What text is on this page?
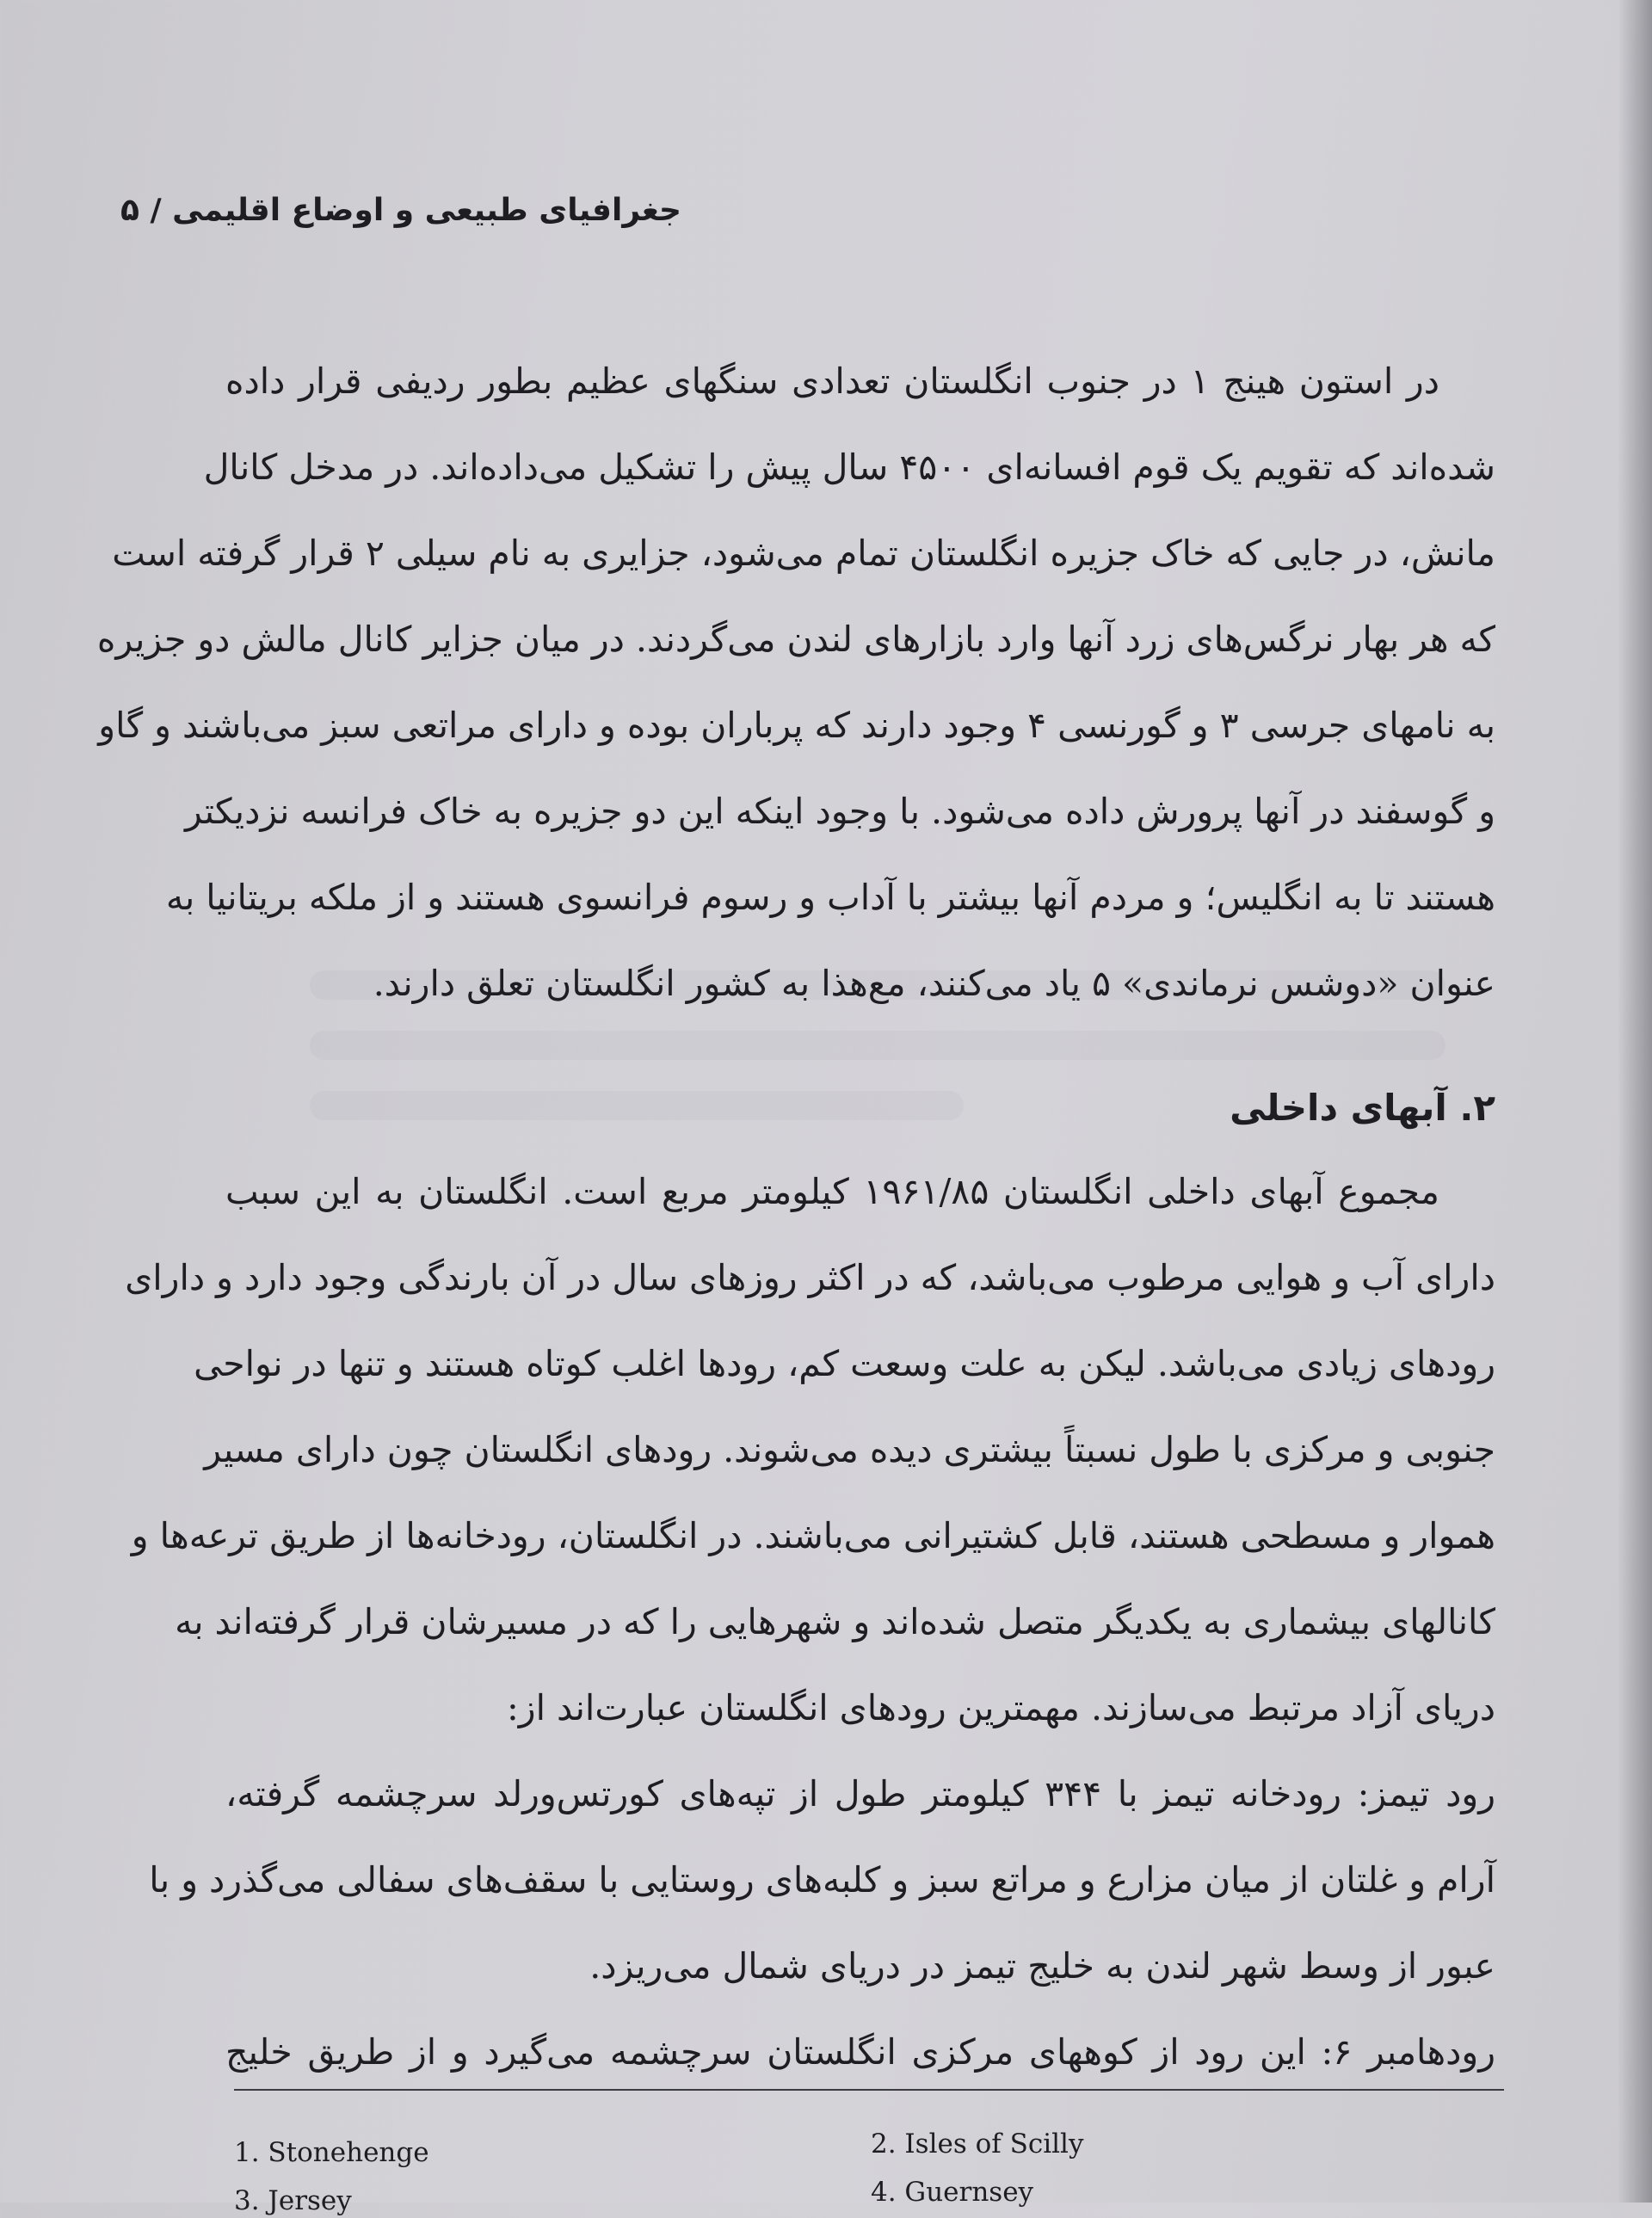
جغرافیای طبیعی و اوضاع اقلیمی / ۵
در استون هینج ۱ در جنوب انگلستان تعدادی سنگهای عظیم بطور ردیفی قرار داده
شده‌اند که تقویم یک قوم افسانه‌ای ۴۵۰۰ سال پیش را تشکیل می‌داده‌اند. در مدخل کانال
مانش، در جایی که خاک جزیره انگلستان تمام می‌شود، جزایری به نام سیلی ۲ قرار گرفته است
که هر بهار نرگس‌های زرد آنها وارد بازارهای لندن می‌گردند. در میان جزایر کانال مالش دو جزیره
به نامهای جرسی ۳ و گورنسی ۴ وجود دارند که پرباران بوده و دارای مراتعی سبز می‌باشند و گاو
و گوسفند در آنها پرورش داده می‌شود. با وجود اینکه این دو جزیره به خاک فرانسه نزدیکتر
هستند تا به انگلیس؛ و مردم آنها بیشتر با آداب و رسوم فرانسوی هستند و از ملکه بریتانیا به
عنوان «دوشس نرماندی» ۵ یاد می‌کنند، مع‌هذا به کشور انگلستان تعلق دارند.
۲. آبهای داخلی
مجموع آبهای داخلی انگلستان ۱۹۶۱/۸۵ کیلومتر مربع است. انگلستان به این سبب
دارای آب و هوایی مرطوب می‌باشد، که در اکثر روزهای سال در آن بارندگی وجود دارد و دارای
رودهای زیادی می‌باشد. لیکن به علت وسعت کم، رودها اغلب کوتاه هستند و تنها در نواحی
جنوبی و مرکزی با طول نسبتاً بیشتری دیده می‌شوند. رودهای انگلستان چون دارای مسیر
هموار و مسطحی هستند، قابل کشتیرانی می‌باشند. در انگلستان، رودخانه‌ها از طریق ترعه‌ها و
کانالهای بیشماری به یکدیگر متصل شده‌اند و شهرهایی را که در مسیرشان قرار گرفته‌اند به
دریای آزاد مرتبط می‌سازند. مهمترین رودهای انگلستان عبارت‌اند از:
رود تیمز: رودخانه تیمز با ۳۴۴ کیلومتر طول از تپه‌های کورتس‌ورلد سرچشمه گرفته،
آرام و غلتان از میان مزارع و مراتع سبز و کلبه‌های روستایی با سقف‌های سفالی می‌گذرد و با
عبور از وسط شهر لندن به خلیج تیمز در دریای شمال می‌ریزد.
رودهامبر ۶: این رود از کوههای مرکزی انگلستان سرچشمه می‌گیرد و از طریق خلیج
1. Stonehenge	2. Isles of Scilly
3. Jersey	4. Guernsey
